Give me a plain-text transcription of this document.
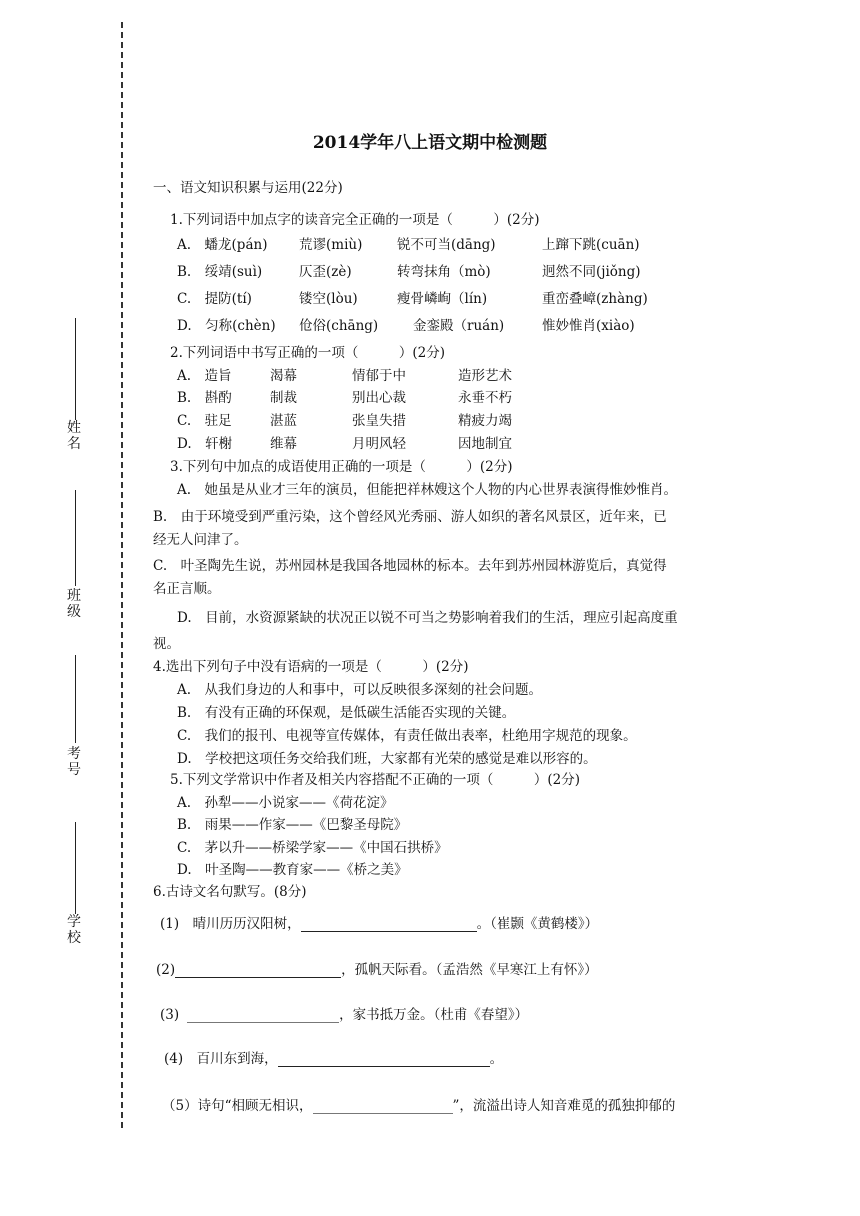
姓名
班级
考号
学校
2014学年八上语文期中检测题
一、语文知识积累与运用(22分)
1.下列词语中加点字的读音完全正确的一项是（　　　）(2分)
A.　蟠龙(pán) 荒谬(miù)	锐不可当(dāng)	上蹿下跳(cuān)
B.　绥靖(suì)	仄歪(zè)	转弯抹角（mò)	迥然不同(jiǒng)
C.　提防(tí)	镂空(lòu)	瘦骨嶙峋（lín)	重峦叠嶂(zhàng)
D.　匀称(chèn) 伧俗(chāng)	金銮殿（ruán)	惟妙惟肖(xiào)
2.下列词语中书写正确的一项（　　　）(2分)
A.　造旨	渴幕	情郁于中	造形艺术
B.　斟酌	制裁	别出心裁	永垂不朽
C.　驻足	湛蓝	张皇失措	精疲力竭
D.　轩榭	维幕	月明风轻	因地制宜
3.下列句中加点的成语使用正确的一项是（　　　）(2分)
A.　她虽是从业才三年的演员，但能把祥林嫂这个人物的内心世界表演得惟妙惟肖。
B.　由于环境受到严重污染，这个曾经风光秀丽、游人如织的著名风景区，近年来，已
经无人问津了。
C.　叶圣陶先生说，苏州园林是我国各地园林的标本。去年到苏州园林游览后，真觉得
名正言顺。
D.　目前，水资源紧缺的状况正以锐不可当之势影响着我们的生活，理应引起高度重
视。
4.选出下列句子中没有语病的一项是（　　　）(2分)
A.　从我们身边的人和事中，可以反映很多深刻的社会问题。
B.　有没有正确的环保观，是低碳生活能否实现的关键。
C.　我们的报刊、电视等宣传媒体，有责任做出表率，杜绝用字规范的现象。
D.　学校把这项任务交给我们班，大家都有光荣的感觉是难以形容的。
5.下列文学常识中作者及相关内容搭配不正确的一项（　　　）(2分)
A.　孙犁——小说家——《荷花淀》
B.　雨果——作家——《巴黎圣母院》
C.　茅以升——桥梁学家——《中国石拱桥》
D.　叶圣陶——教育家——《桥之美》
6.古诗文名句默写。(8分)
(1)　晴川历历汉阳树，	。（崔颢《黄鹤楼》）
(2)	，孤帆天际看。（孟浩然《早寒江上有怀》）
(3)	，家书抵万金。（杜甫《春望》）
(4)　百川东到海，	。
（5）诗句“相顾无相识，	”，流溢出诗人知音难觅的孤独抑郁的
